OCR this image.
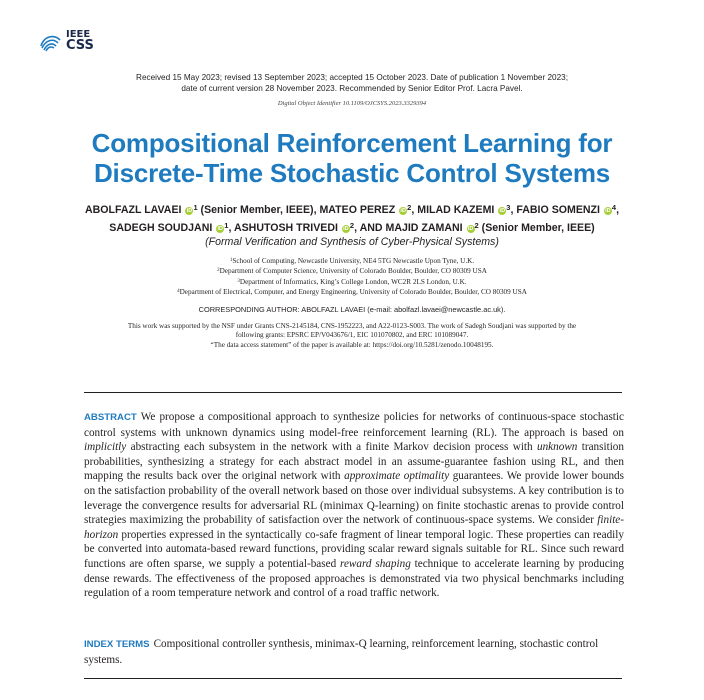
IEEE
CSS
Received 15 May 2023; revised 13 September 2023; accepted 15 October 2023. Date of publication 1 November 2023;
date of current version 28 November 2023. Recommended by Senior Editor Prof. Lacra Pavel.
Digital Object Identifier 10.1109/OJCSYS.2023.3329394
Compositional Reinforcement Learning for
Discrete-Time Stochastic Control Systems
ABOLFAZL LAVAEI $iD^1$ (Senior Member, IEEE), MATEO PEREZ $iD^2$, MILAD KAZEMI $iD^3$, FABIO SOMENZI $iD^4$,
SADEGH SOUDJANI $iD^1$, ASHUTOSH TRIVEDI $iD^2$, AND MAJID ZAMANI $iD^2$ (Senior Member, IEEE)
(Formal Verification and Synthesis of Cyber-Physical Systems)
$^1$School of Computing, Newcastle University, NE4 5TG Newcastle Upon Tyne, U.K.
$^2$Department of Computer Science, University of Colorado Boulder, Boulder, CO 80309 USA
$^3$Department of Informatics, King’s College London, WC2R 2LS London, U.K.
$^4$Department of Electrical, Computer, and Energy Engineering, University of Colorado Boulder, Boulder, CO 80309 USA
CORRESPONDING AUTHOR: ABOLFAZL LAVAEI (e-mail: abolfazl.lavaei@newcastle.ac.uk).
This work was supported by the NSF under Grants CNS-2145184, CNS-1952223, and A22-0123-S003. The work of Sadegh Soudjani was supported by the
following grants: EPSRC EP/V043676/1, EIC 101070802, and ERC 101089047.
“The data access statement” of the paper is available at: https://doi.org/10.5281/zenodo.10048195.
ABSTRACT We propose a compositional approach to synthesize policies for networks of continuous-space stochastic control systems with unknown dynamics using model-free reinforcement learning (RL). The approach is based on implicitly abstracting each subsystem in the network with a finite Markov decision process with unknown transition probabilities, synthesizing a strategy for each abstract model in an assume-guarantee fashion using RL, and then mapping the results back over the original network with approximate optimality guarantees. We provide lower bounds on the satisfaction probability of the overall network based on those over individual subsystems. A key contribution is to leverage the convergence results for adversarial RL (minimax Q-learning) on finite stochastic arenas to provide control strategies maximizing the probability of satisfaction over the network of continuous-space systems. We consider finite-horizon properties expressed in the syntactically co-safe fragment of linear temporal logic. These properties can readily be converted into automata-based reward functions, providing scalar reward signals suitable for RL. Since such reward functions are often sparse, we supply a potential-based reward shaping technique to accelerate learning by producing dense rewards. The effectiveness of the proposed approaches is demonstrated via two physical benchmarks including regulation of a room temperature network and control of a road traffic network.
INDEX TERMS Compositional controller synthesis, minimax-Q learning, reinforcement learning, stochastic control systems.
